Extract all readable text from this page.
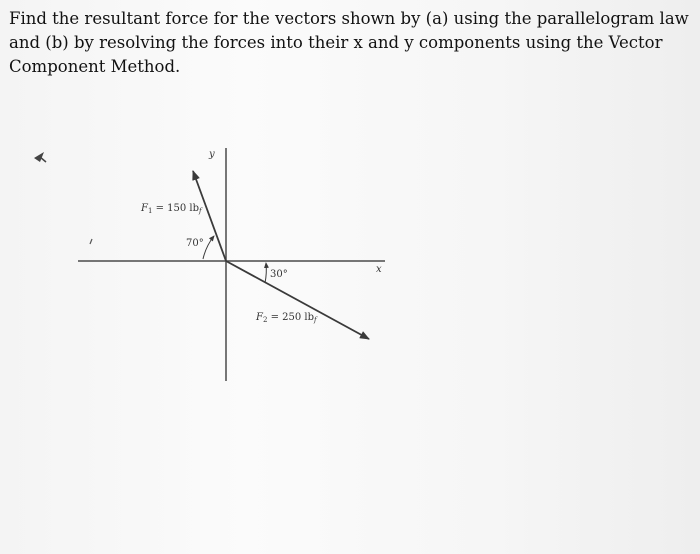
Find the resultant force for the vectors shown by (a) using the parallelogram law
and (b) by resolving the forces into their x and y components using the Vector
Component Method.
x
y
70°
$F_1 = 150$ $lb_f$
30°
$F_2 = 250$ $lb_f$
